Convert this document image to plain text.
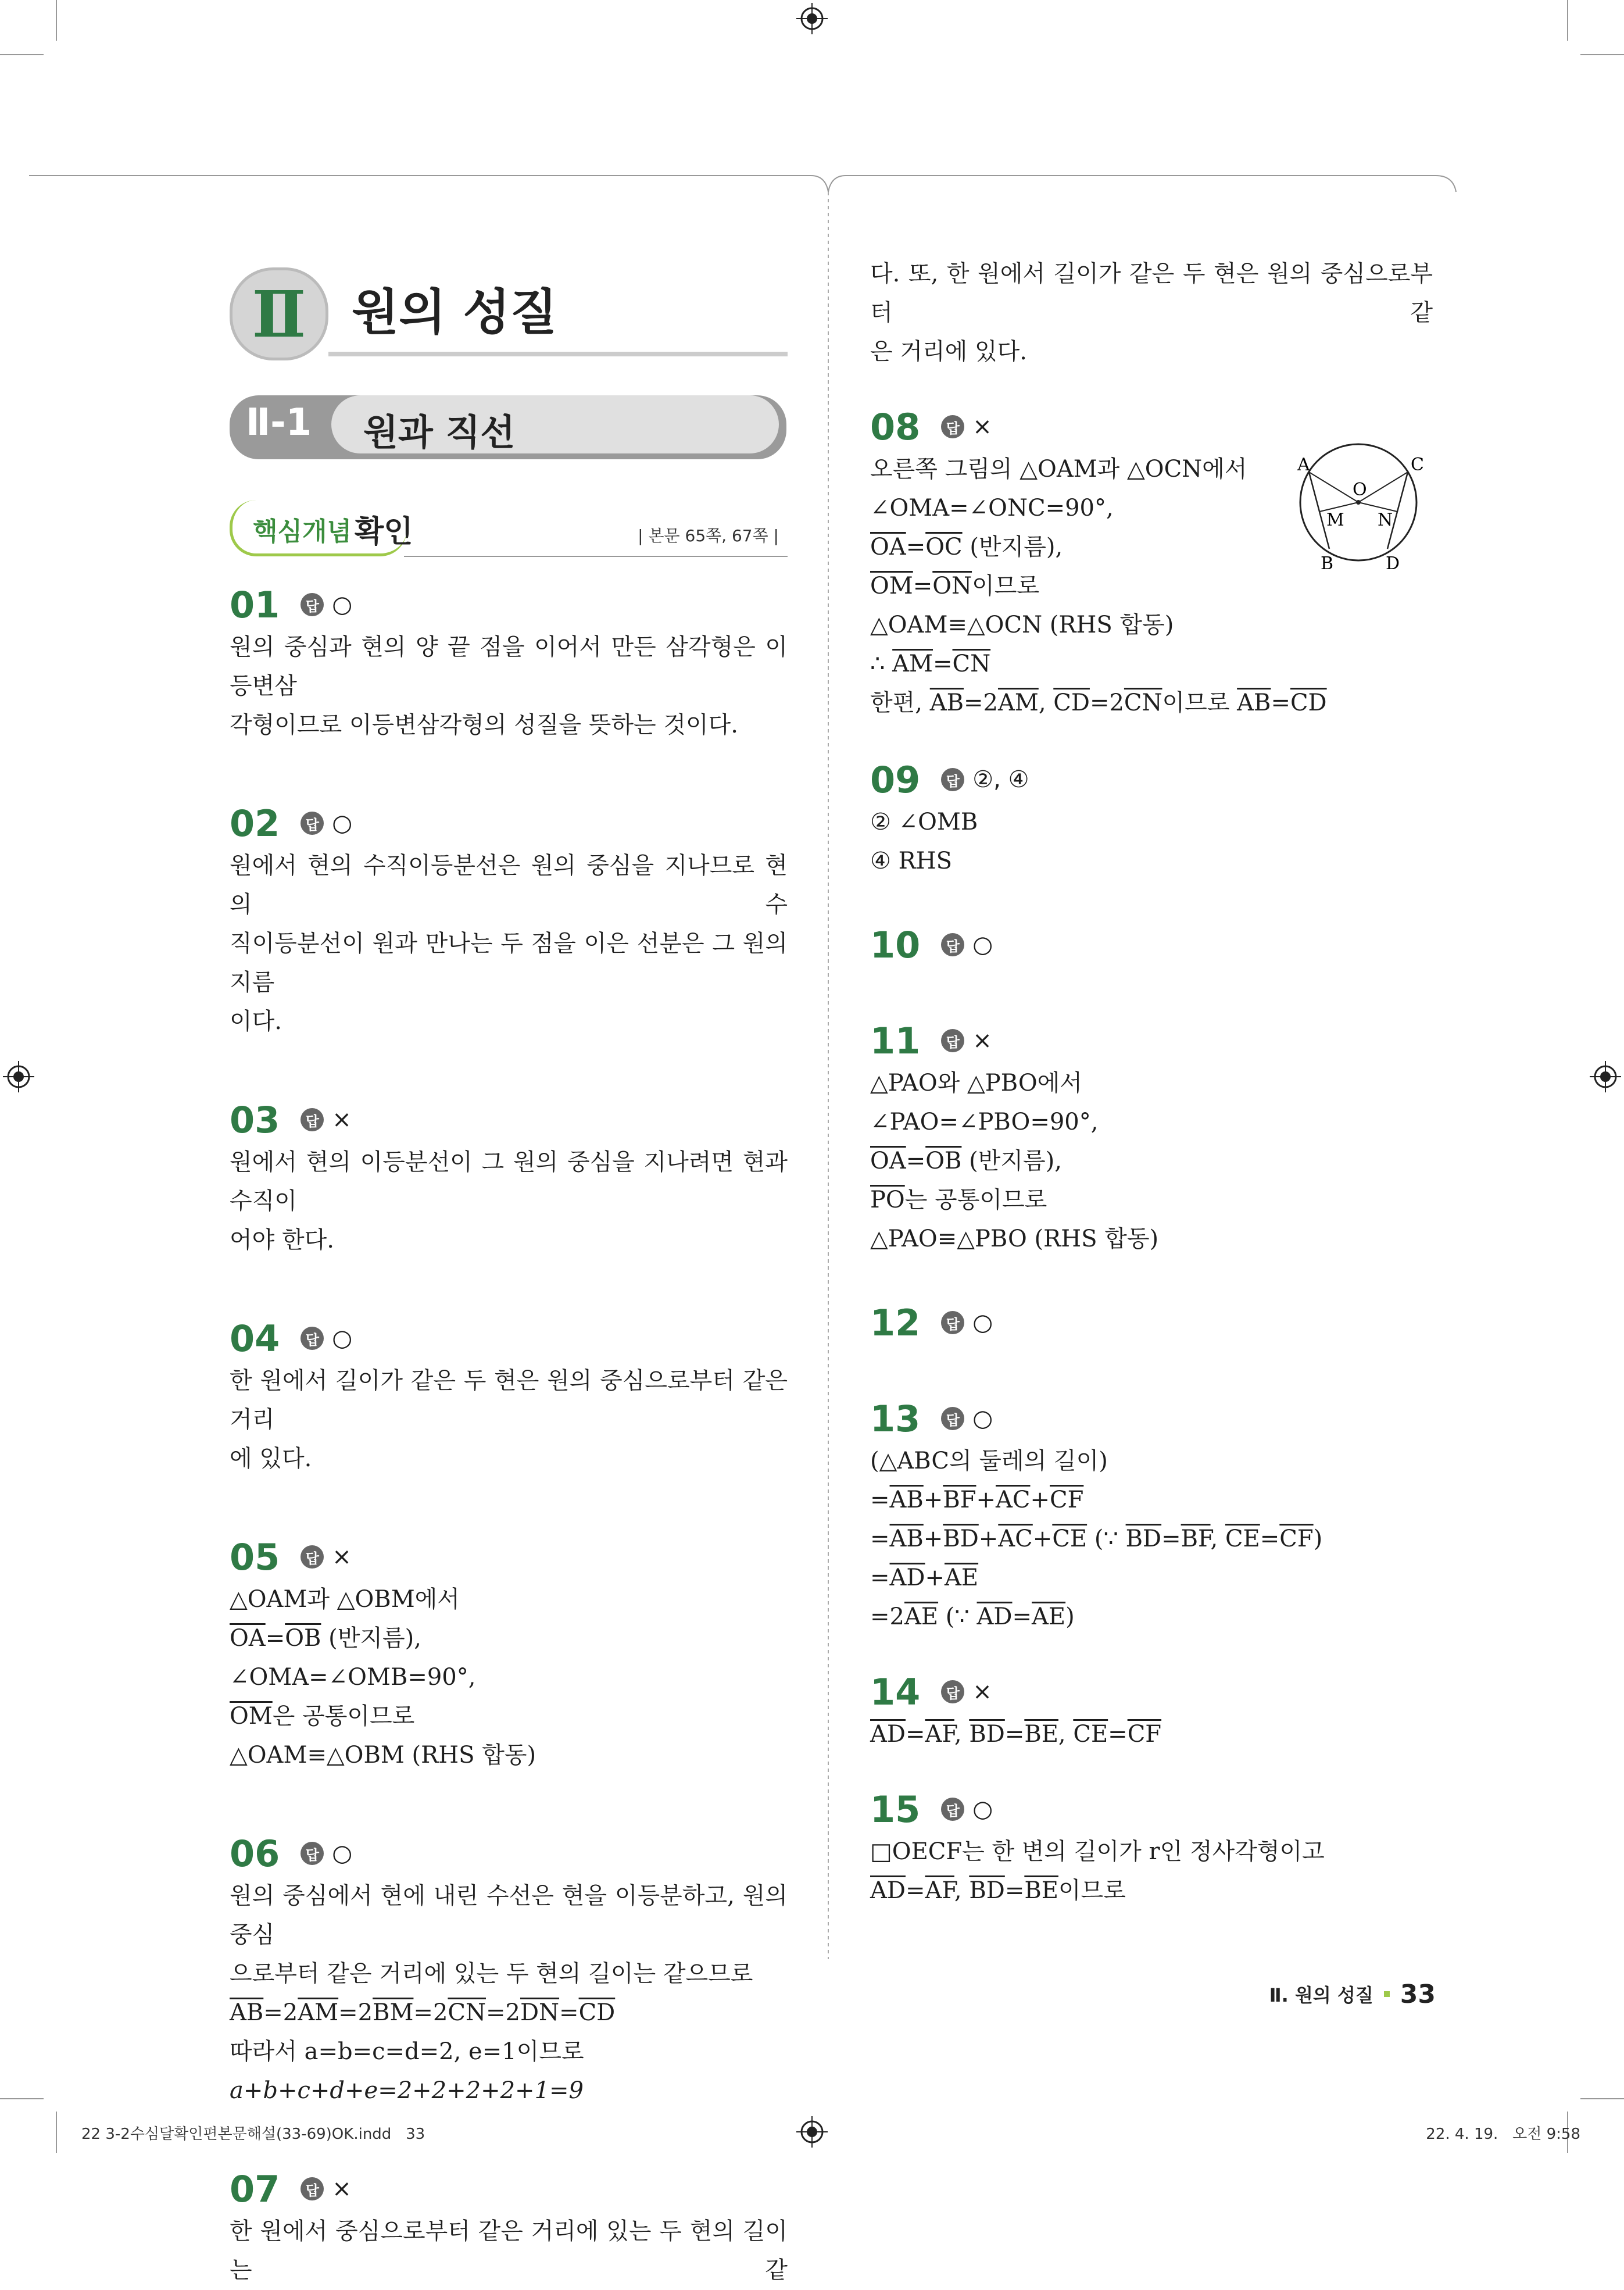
Ⅱ 원의 성질
Ⅱ-1 원과 직선
핵심개념 확인	| 본문 65쪽, 67쪽 |
01	답 ○
원의 중심과 현의 양 끝 점을 이어서 만든 삼각형은 이등변삼
각형이므로 이등변삼각형의 성질을 뜻하는 것이다.
02	답 ○
원에서 현의 수직이등분선은 원의 중심을 지나므로 현의 수
직이등분선이 원과 만나는 두 점을 이은 선분은 그 원의 지름
이다.
03	답 ×
원에서 현의 이등분선이 그 원의 중심을 지나려면 현과 수직이
어야 한다.
04	답 ○
한 원에서 길이가 같은 두 현은 원의 중심으로부터 같은 거리
에 있다.
05	답 ×
△OAM과 △OBM에서
$\overline{OA}=\overline{OB}$ (반지름),
∠OMA=∠OMB=90°,
$\overline{OM}$은 공통이므로
△OAM≡△OBM (RHS 합동)
06	답 ○
원의 중심에서 현에 내린 수선은 현을 이등분하고, 원의 중심
으로부터 같은 거리에 있는 두 현의 길이는 같으므로
$\overline{AB}=2\overline{AM}=2\overline{BM}=2\overline{CN}=2\overline{DN}=\overline{CD}$
따라서 a=b=c=d=2, e=1이므로
a+b+c+d+e=2+2+2+2+1=9
07	답 ×
한 원에서 중심으로부터 같은 거리에 있는 두 현의 길이는 같
다. 또, 한 원에서 길이가 같은 두 현은 원의 중심으로부터 같
은 거리에 있다.
08	답 ×
오른쪽 그림의 △OAM과 △OCN에서
∠OMA=∠ONC=90°,
$\overline{OA}=\overline{OC}$ (반지름),
$\overline{OM}=\overline{ON}$이므로
△OAM≡△OCN (RHS 합동)
∴ $\overline{AM}=\overline{CN}$
한편, $\overline{AB}=2\overline{AM}$, $\overline{CD}=2\overline{CN}$이므로 $\overline{AB}=\overline{CD}$
A	C
O
M N
B	D
09	답 ②, ④
② ∠OMB
④ RHS
10	답 ○
11	답 ×
△PAO와 △PBO에서
∠PAO=∠PBO=90°,
$\overline{OA}=\overline{OB}$ (반지름),
$\overline{PO}$는 공통이므로
△PAO≡△PBO (RHS 합동)
12	답 ○
13	답 ○
(△ABC의 둘레의 길이)
$=\overline{AB}+\overline{BF}+\overline{AC}+\overline{CF}$
$=\overline{AB}+\overline{BD}+\overline{AC}+\overline{CE}$ (∵ $\overline{BD}=\overline{BF}$, $\overline{CE}=\overline{CF}$)
$=\overline{AD}+\overline{AE}$
$=2\overline{AE}$ (∵ $\overline{AD}=\overline{AE}$)
14	답 ×
$\overline{AD}=\overline{AF}$, $\overline{BD}=\overline{BE}$, $\overline{CE}=\overline{CF}$
15	답 ○
□OECF는 한 변의 길이가 r인 정사각형이고
$\overline{AD}=\overline{AF}$, $\overline{BD}=\overline{BE}$이므로
Ⅱ. 원의 성질 33
22 3-2수심달확인편본문해설(33-69)OK.indd   33	22. 4. 19.   오전 9:58
